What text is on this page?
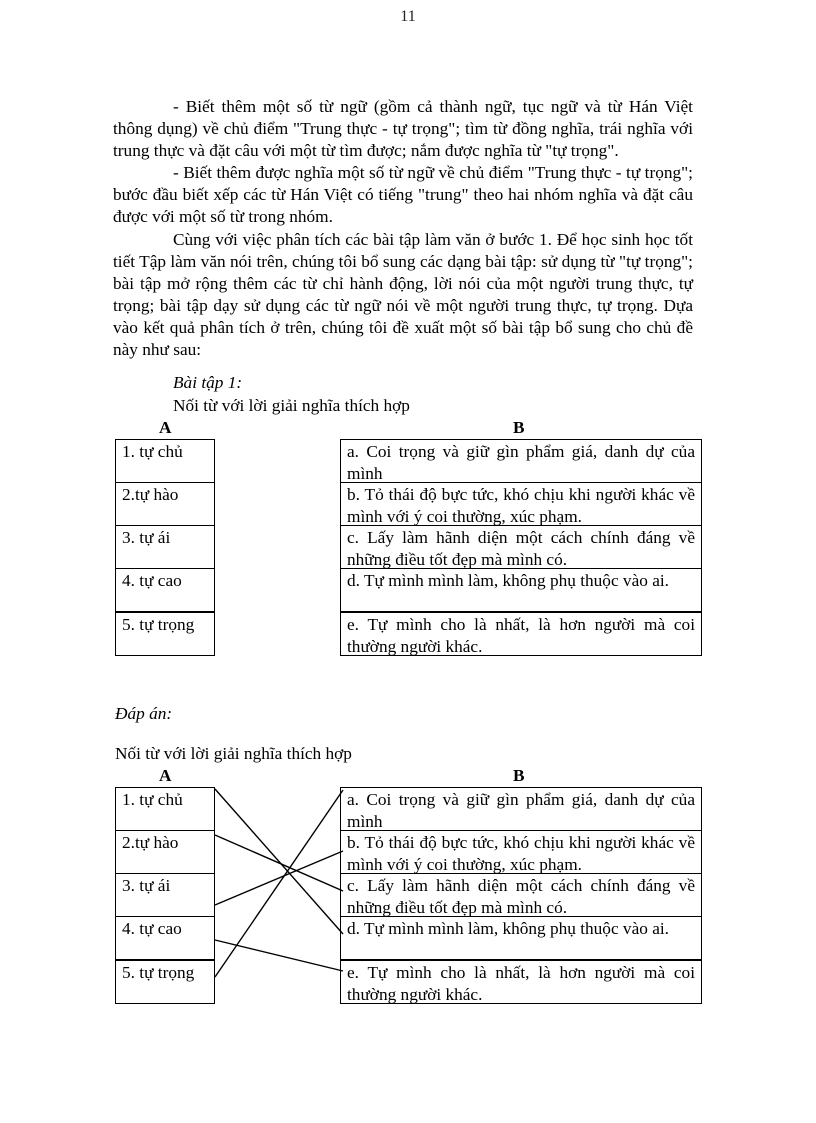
11

- Biết thêm một số từ ngữ (gồm cả thành ngữ, tục ngữ và từ Hán Việt thông dụng) về chủ điểm "Trung thực - tự trọng"; tìm từ đồng nghĩa, trái nghĩa với trung thực và đặt câu với một từ tìm được; nắm được nghĩa từ "tự trọng".

- Biết thêm được nghĩa một số từ ngữ về chủ điểm "Trung thực - tự trọng"; bước đầu biết xếp các từ Hán Việt có tiếng "trung" theo hai nhóm nghĩa và đặt câu được với một số từ trong nhóm.

Cùng với việc phân tích các bài tập làm văn ở bước 1. Để học sinh học tốt tiết Tập làm văn nói trên, chúng tôi bổ sung các dạng bài tập: sử dụng từ "tự trọng"; bài tập mở rộng thêm các từ chỉ hành động, lời nói của một người trung thực, tự trọng; bài tập dạy sử dụng các từ ngữ nói về một người trung thực, tự trọng. Dựa vào kết quả phân tích ở trên, chúng tôi đề xuất một số bài tập bổ sung cho chủ đề này như sau:

Bài tập 1:
Nối từ với lời giải nghĩa thích hợp
A	B
1. tự chủ
2.tự hào
3. tự ái
4. tự cao
5. tự trọng
a. Coi trọng và giữ gìn phẩm giá, danh dự của mình
b. Tỏ thái độ bực tức, khó chịu khi người khác về mình với ý coi thường, xúc phạm.
c. Lấy làm hãnh diện một cách chính đáng về những điều tốt đẹp mà mình có.
d. Tự mình mình làm, không phụ thuộc vào ai.
e. Tự mình cho là nhất, là hơn người mà coi thường người khác.
Đáp án:
Nối từ với lời giải nghĩa thích hợp
A	B
1. tự chủ
2.tự hào
3. tự ái
4. tự cao
5. tự trọng
a. Coi trọng và giữ gìn phẩm giá, danh dự của mình
b. Tỏ thái độ bực tức, khó chịu khi người khác về mình với ý coi thường, xúc phạm.
c. Lấy làm hãnh diện một cách chính đáng về những điều tốt đẹp mà mình có.
d. Tự mình mình làm, không phụ thuộc vào ai.
e. Tự mình cho là nhất, là hơn người mà coi thường người khác.
